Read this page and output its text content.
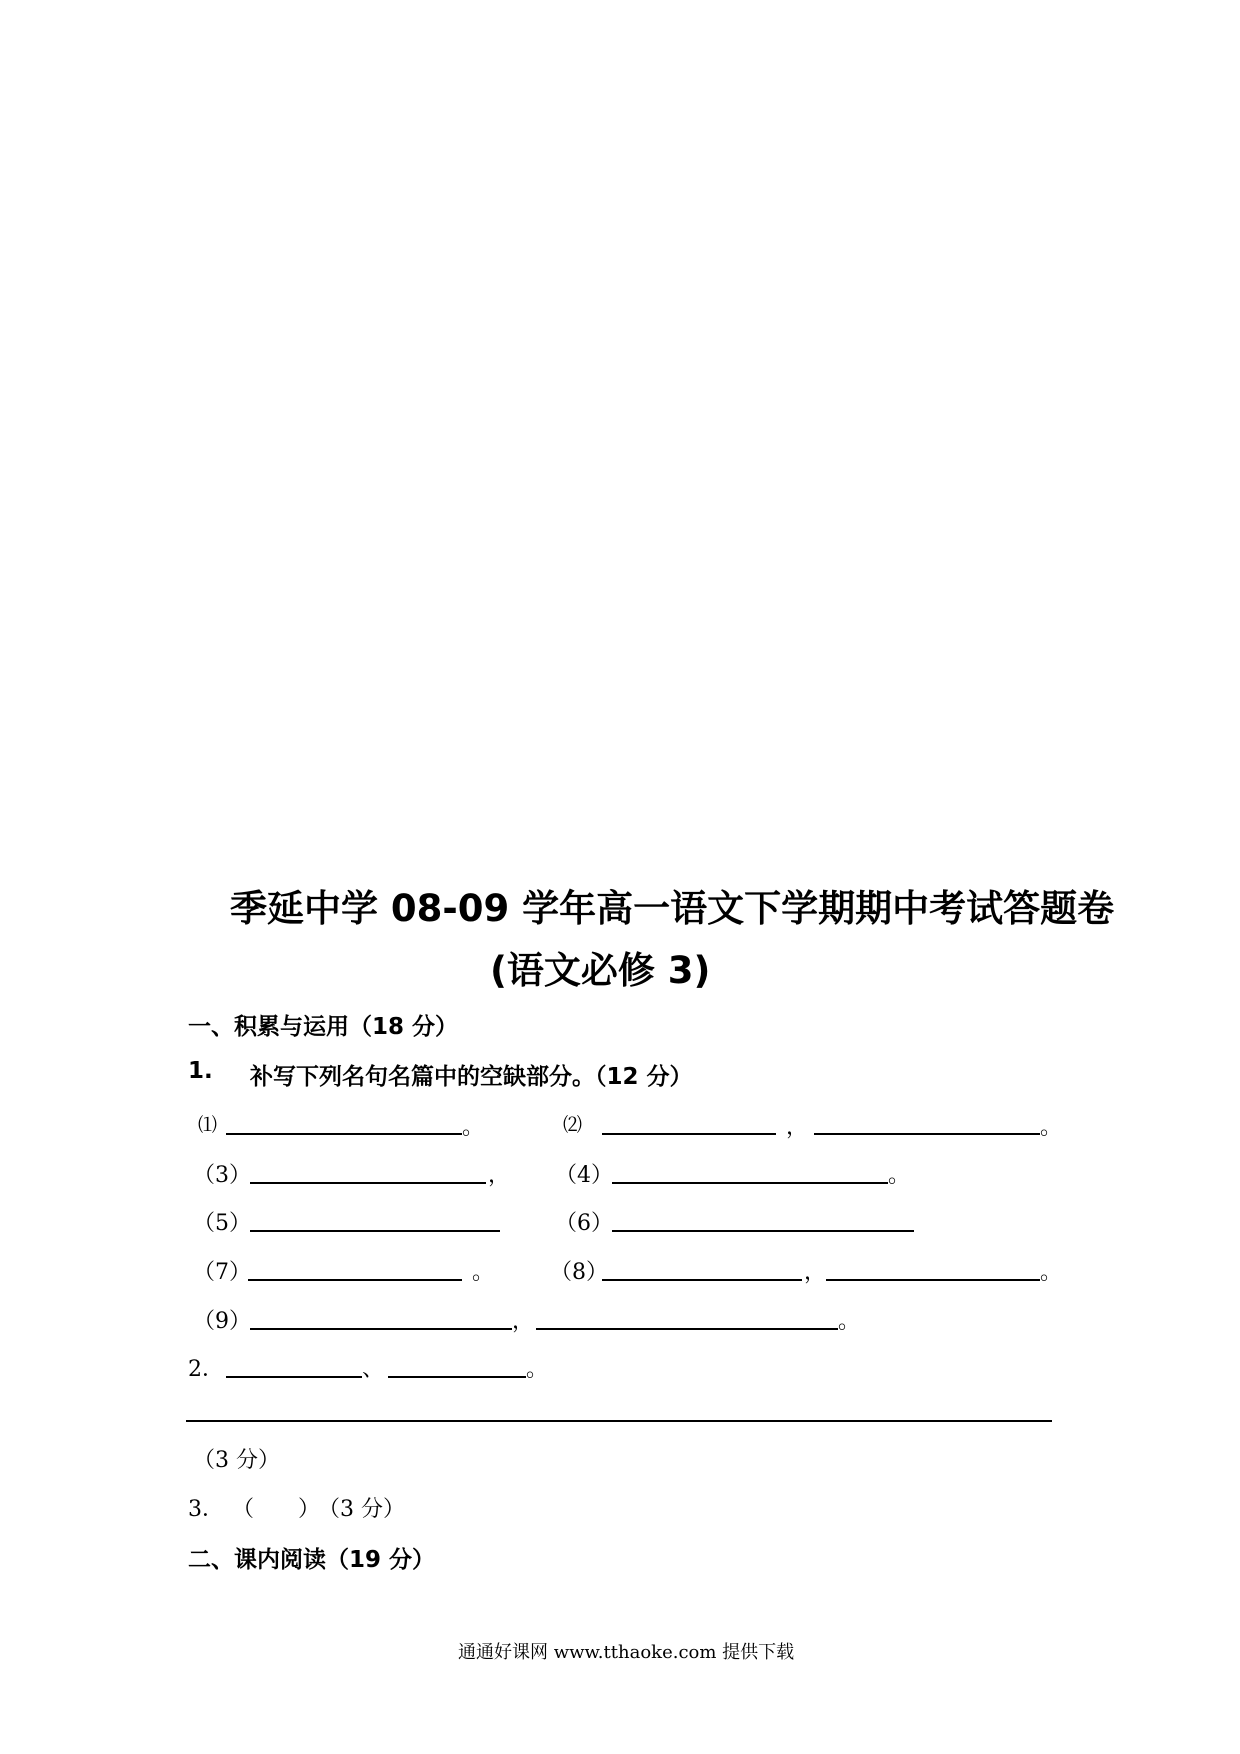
季延中学 08-09 学年高一语文下学期期中考试答题卷
(语文必修 3)
一、积累与运用（18 分）
1. 补写下列名句名篇中的空缺部分。（12 分）
⑴	。	⑵	，	。
（3）	， （4）	。
（5）	（6）
（7）	。	（8）	，	。
（9）	，	。
2．	、	。
（3 分）
3． （　　）
（3 分）
二、课内阅读（19 分）
通通好课网 www.tthaoke.com 提供下载
